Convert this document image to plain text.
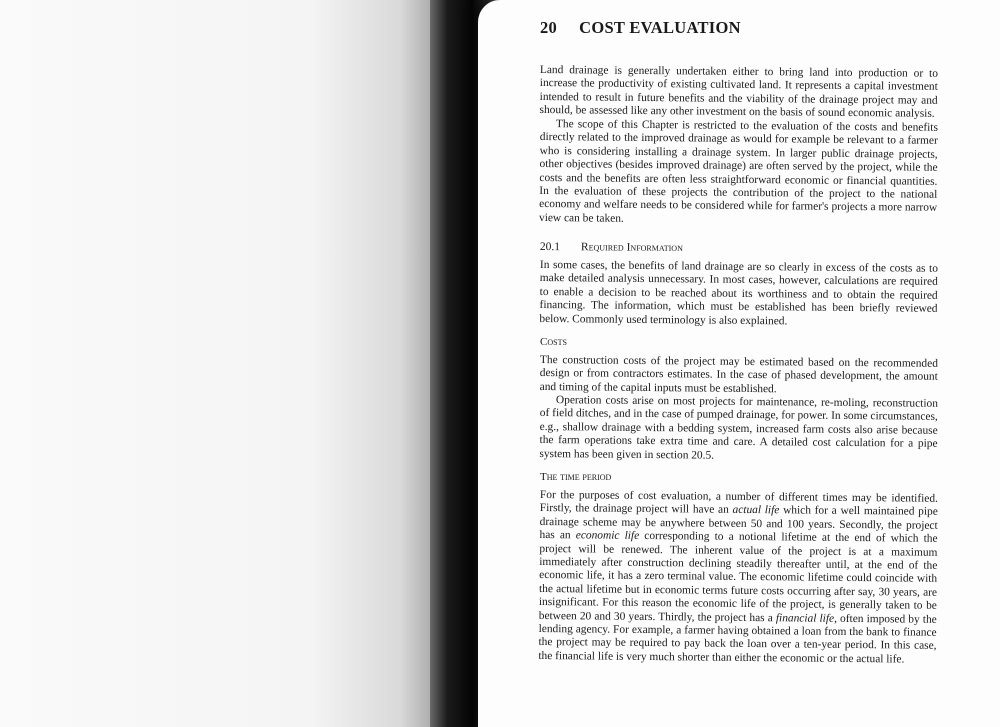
20 COST EVALUATION

Land drainage is generally undertaken either to bring land into production or to increase the productivity of existing cultivated land. It represents a capital investment intended to result in future benefits and the viability of the drainage project may and should, be assessed like any other investment on the basis of sound economic analysis.

The scope of this Chapter is restricted to the evaluation of the costs and benefits directly related to the improved drainage as would for example be relevant to a farmer who is considering installing a drainage system. In larger public drainage projects, other objectives (besides improved drainage) are often served by the project, while the costs and the benefits are often less straightforward economic or financial quantities. In the evaluation of these projects the contribution of the project to the national economy and welfare needs to be considered while for farmer's projects a more narrow view can be taken.

20.1 Required Information

In some cases, the benefits of land drainage are so clearly in excess of the costs as to make detailed analysis unnecessary. In most cases, however, calculations are required to enable a decision to be reached about its worthiness and to obtain the required financing. The information, which must be established has been briefly reviewed below. Commonly used terminology is also explained.

Costs

The construction costs of the project may be estimated based on the recommended design or from contractors estimates. In the case of phased development, the amount and timing of the capital inputs must be established.

Operation costs arise on most projects for maintenance, re-moling, reconstruction of field ditches, and in the case of pumped drainage, for power. In some circumstances, e.g., shallow drainage with a bedding system, increased farm costs also arise because the farm operations take extra time and care. A detailed cost calculation for a pipe system has been given in section 20.5.

The time period

For the purposes of cost evaluation, a number of different times may be identified. Firstly, the drainage project will have an actual life which for a well maintained pipe drainage scheme may be anywhere between 50 and 100 years. Secondly, the project has an economic life corresponding to a notional lifetime at the end of which the project will be renewed. The inherent value of the project is at a maximum immediately after construction declining steadily thereafter until, at the end of the economic life, it has a zero terminal value. The economic lifetime could coincide with the actual lifetime but in economic terms future costs occurring after say, 30 years, are insignificant. For this reason the economic life of the project, is generally taken to be between 20 and 30 years. Thirdly, the project has a financial life, often imposed by the lending agency. For example, a farmer having obtained a loan from the bank to finance the project may be required to pay back the loan over a ten-year period. In this case, the financial life is very much shorter than either the economic or the actual life.
